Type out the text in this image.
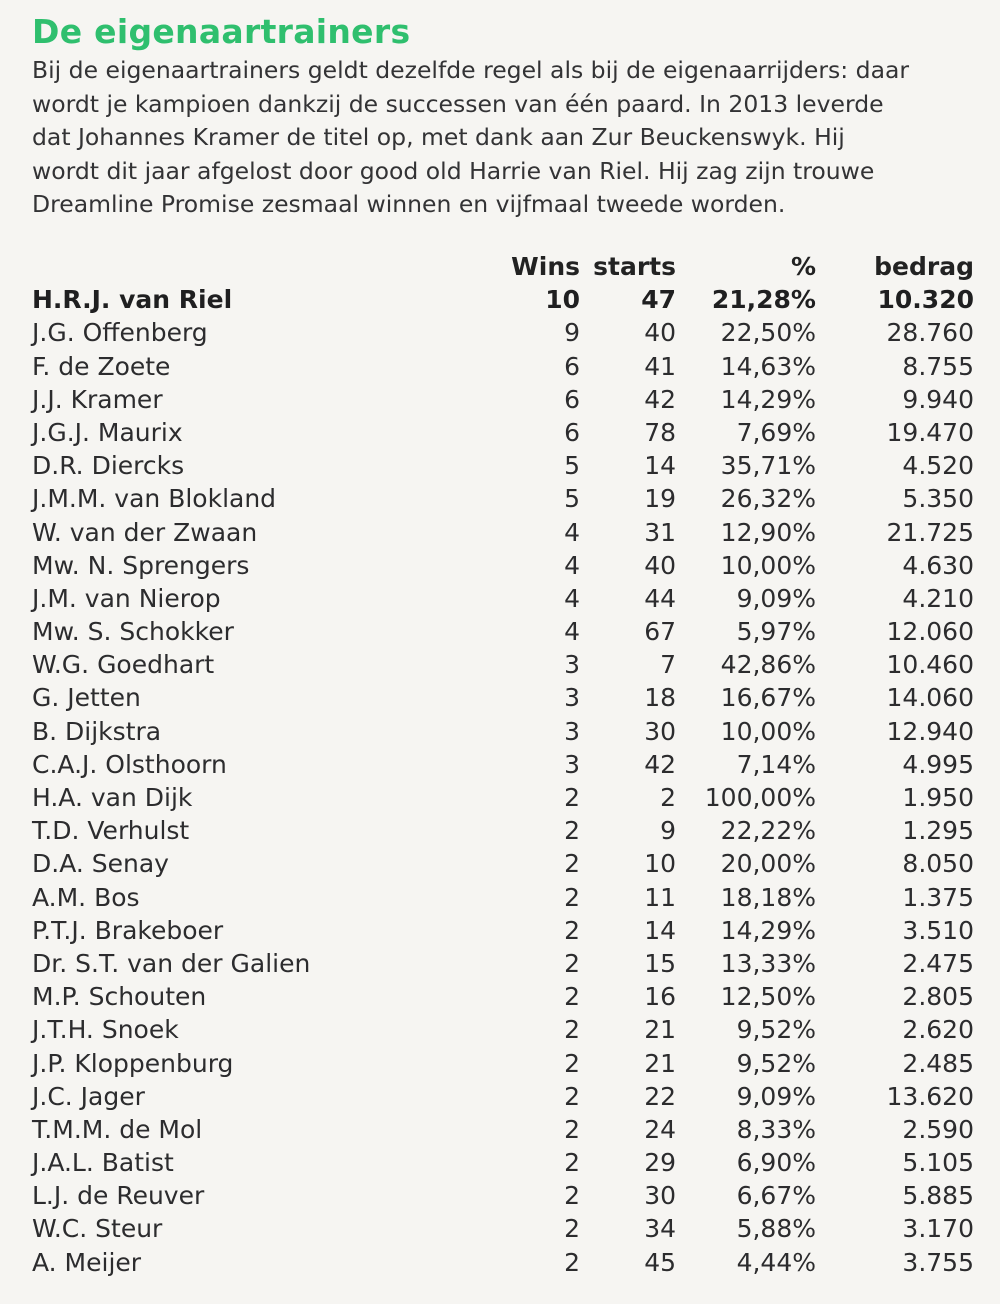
De eigenaartrainers
Bij de eigenaartrainers geldt dezelfde regel als bij de eigenaarrijders: daar
wordt je kampioen dankzij de successen van één paard. In 2013 leverde
dat Johannes Kramer de titel op, met dank aan Zur Beuckenswyk. Hij
wordt dit jaar afgelost door good old Harrie van Riel. Hij zag zijn trouwe
Dreamline Promise zesmaal winnen en vijfmaal tweede worden.
Wins starts	% bedrag
H.R.J. van Riel	10 47 21,28% 10.320
J.G. Offenberg	9	40 22,50%	28.760
F. de Zoete	6	41 14,63%	8.755
J.J. Kramer	6	42 14,29%	9.940
J.G.J. Maurix	6	78 7,69%	19.470
D.R. Diercks	5	14 35,71%	4.520
J.M.M. van Blokland	5	19 26,32%	5.350
W. van der Zwaan	4	31 12,90%	21.725
Mw. N. Sprengers	4	40 10,00%	4.630
J.M. van Nierop	4	44 9,09%	4.210
Mw. S. Schokker	4	67 5,97%	12.060
W.G. Goedhart	3	7 42,86%	10.460
G. Jetten	3	18 16,67%	14.060
B. Dijkstra	3	30 10,00%	12.940
C.A.J. Olsthoorn	3	42 7,14%	4.995
H.A. van Dijk	2	2 100,00%	1.950
T.D. Verhulst	2	9 22,22%	1.295
D.A. Senay	2	10 20,00%	8.050
A.M. Bos	2	11 18,18%	1.375
P.T.J. Brakeboer	2	14 14,29%	3.510
Dr. S.T. van der Galien	2	15 13,33%	2.475
M.P. Schouten	2	16 12,50%	2.805
J.T.H. Snoek	2	21 9,52%	2.620
J.P. Kloppenburg	2	21 9,52%	2.485
J.C. Jager	2	22 9,09%	13.620
T.M.M. de Mol	2	24 8,33%	2.590
J.A.L. Batist	2	29 6,90%	5.105
L.J. de Reuver	2	30 6,67%	5.885
W.C. Steur	2	34 5,88%	3.170
A. Meijer	2	45 4,44%	3.755
